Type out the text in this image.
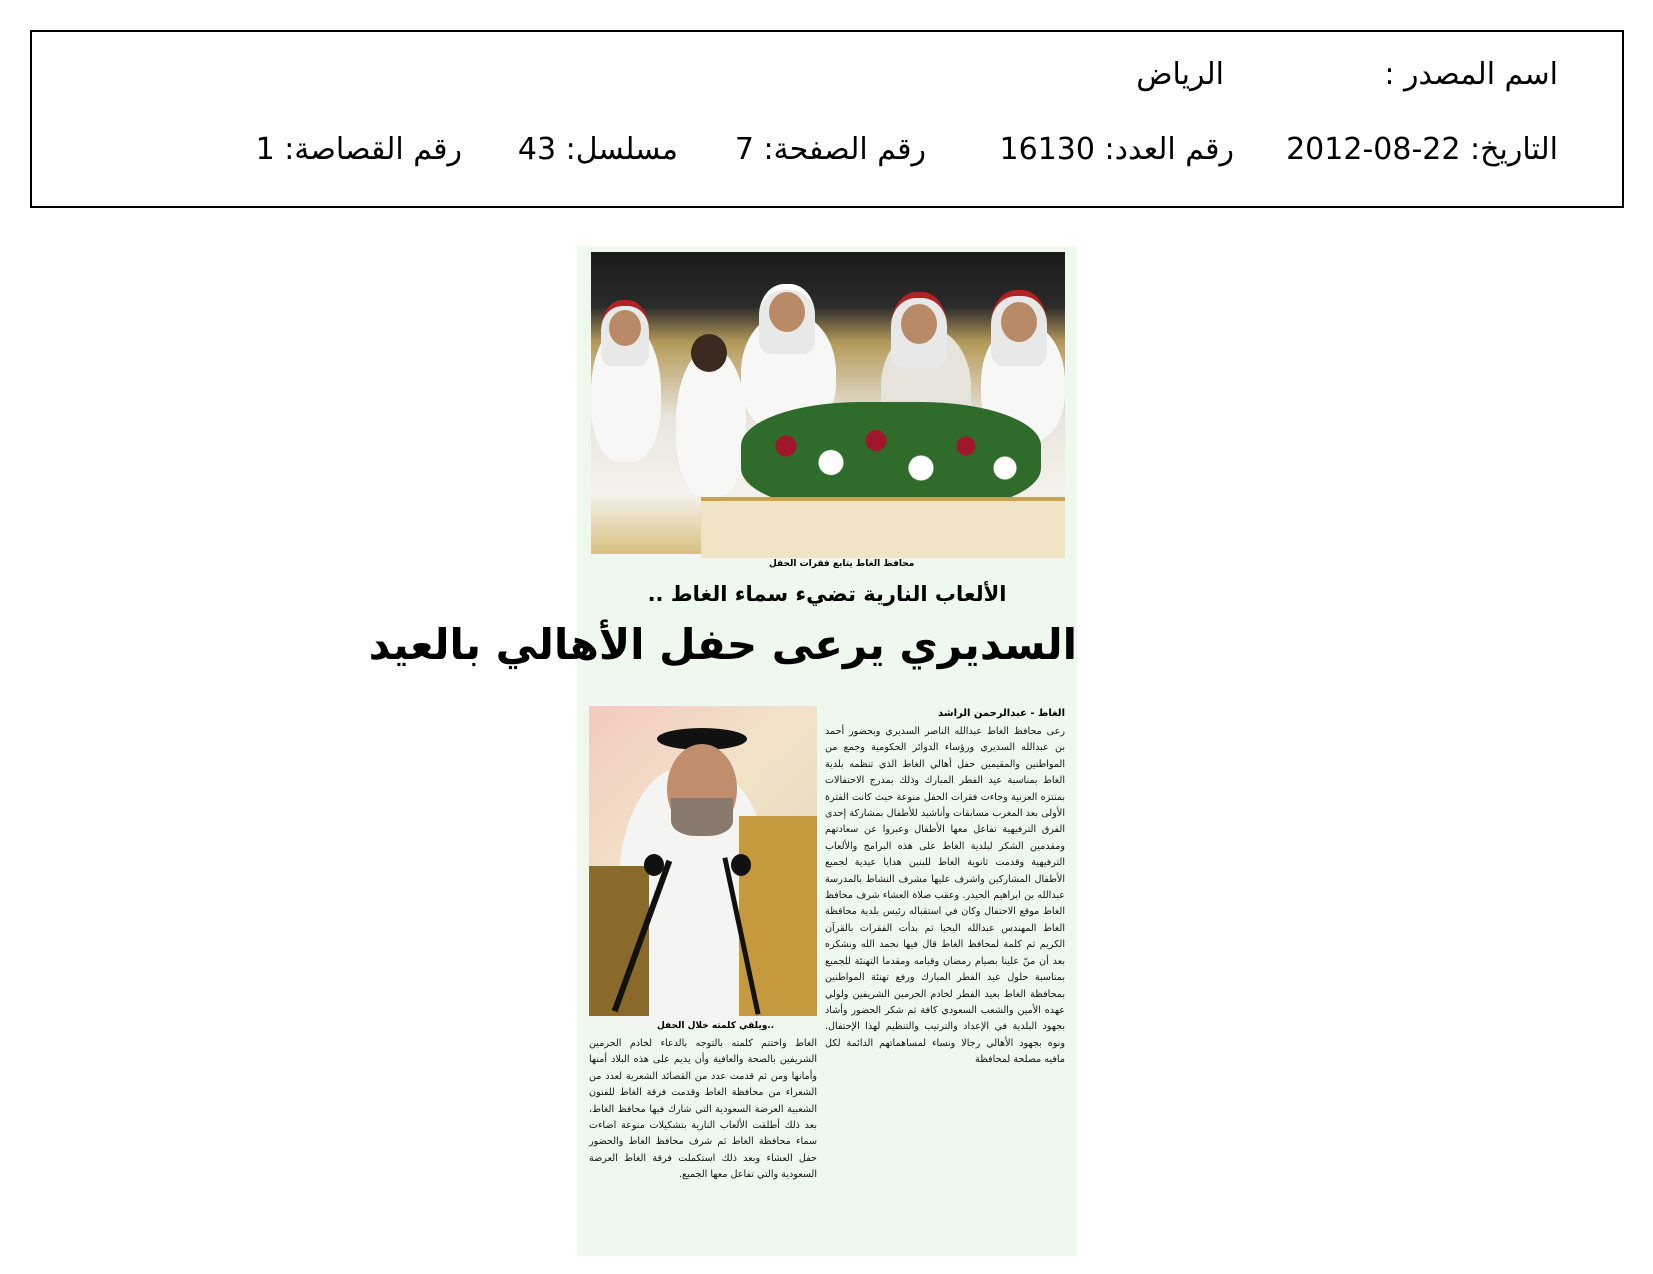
اسم المصدر :
الرياض
التاريخ: 22-08-2012
رقم العدد: 16130
رقم الصفحة: 7
مسلسل: 43
رقم القصاصة: 1
محافظ الغاط يتابع فقرات الحفل
الألعاب النارية تضيء سماء الغاط ..
السديري يرعى حفل الأهالي بالعيد
..ويلقي كلمته خلال الحفل
الغاط - عبدالرحمن الراشد
رعى محافظ الغاط عبدالله الناصر السديري وبحضور أحمد بن عبدالله السديري ورؤساء الدوائر الحكومية وجمع من المواطنين والمقيمين حفل أهالي الغاط الذي تنظمه بلدية الغاط بمناسبة عيد الفطر المبارك وذلك بمدرج الاحتفالات بمنتزه العرنية وجاءت فقرات الحفل منوعة حيث كانت الفترة الأولى بعد المغرب مسابقات وأناشيد للأطفال بمشاركة إحدى الفرق الترفيهية تفاعل معها الأطفال وعبروا عن سعادتهم ومقدمين الشكر لبلدية الغاط على هذه البرامج والألعاب الترفيهية وقدمت ثانوية الغاط للبنين هدايا عيدية لجميع الأطفال المشاركين واشرف عليها مشرف النشاط بالمدرسة عبدالله بن ابراهيم الحيدر. وعقب صلاة العشاء شرف محافظ الغاط موقع الاحتفال وكان في استقباله رئيس بلدية محافظة الغاط المهندس عبدالله اليحيا ثم بدأت الفقرات بالقرآن الكريم ثم كلمة لمحافظ الغاط قال فيها نحمد الله ونشكره بعد أن منّ علينا بصيام رمضان وقيامه ومقدما التهنئة للجميع بمناسبة حلول عيد الفطر المبارك ورفع تهنئة المواطنين بمحافظة الغاط بعيد الفطر لخادم الحرمين الشريفين ولولي عهده الأمين والشعب السعودي كافة ثم شكر الحضور وأشاد بجهود البلدية في الإعداد والترتيب والتنظيم لهذا الإحتفال. ونوه بجهود الأهالي رجالا ونساء لمساهماتهم الدائمة لكل مافيه مصلحة لمحافظة
الغاط واختتم كلمته بالتوجه بالدعاء لخادم الحرمين الشريفين بالصحة والعافية وأن يديم على هذه البلاد أمنها وأمانها ومن ثم قدمت عدد من القصائد الشعرية لعدد من الشعراء من محافظة الغاط وقدمت فرقة الغاط للفنون الشعبية العرضة السعودية التي شارك فيها محافظ الغاط، بعد ذلك أطلقت الألعاب النارية بتشكيلات منوعة اضاءت سماء محافظة الغاط ثم شرف محافظ الغاط والحضور حفل العشاء وبعد ذلك استكملت فرقة الغاط العرضة السعودية والتي تفاعل معها الجميع.
